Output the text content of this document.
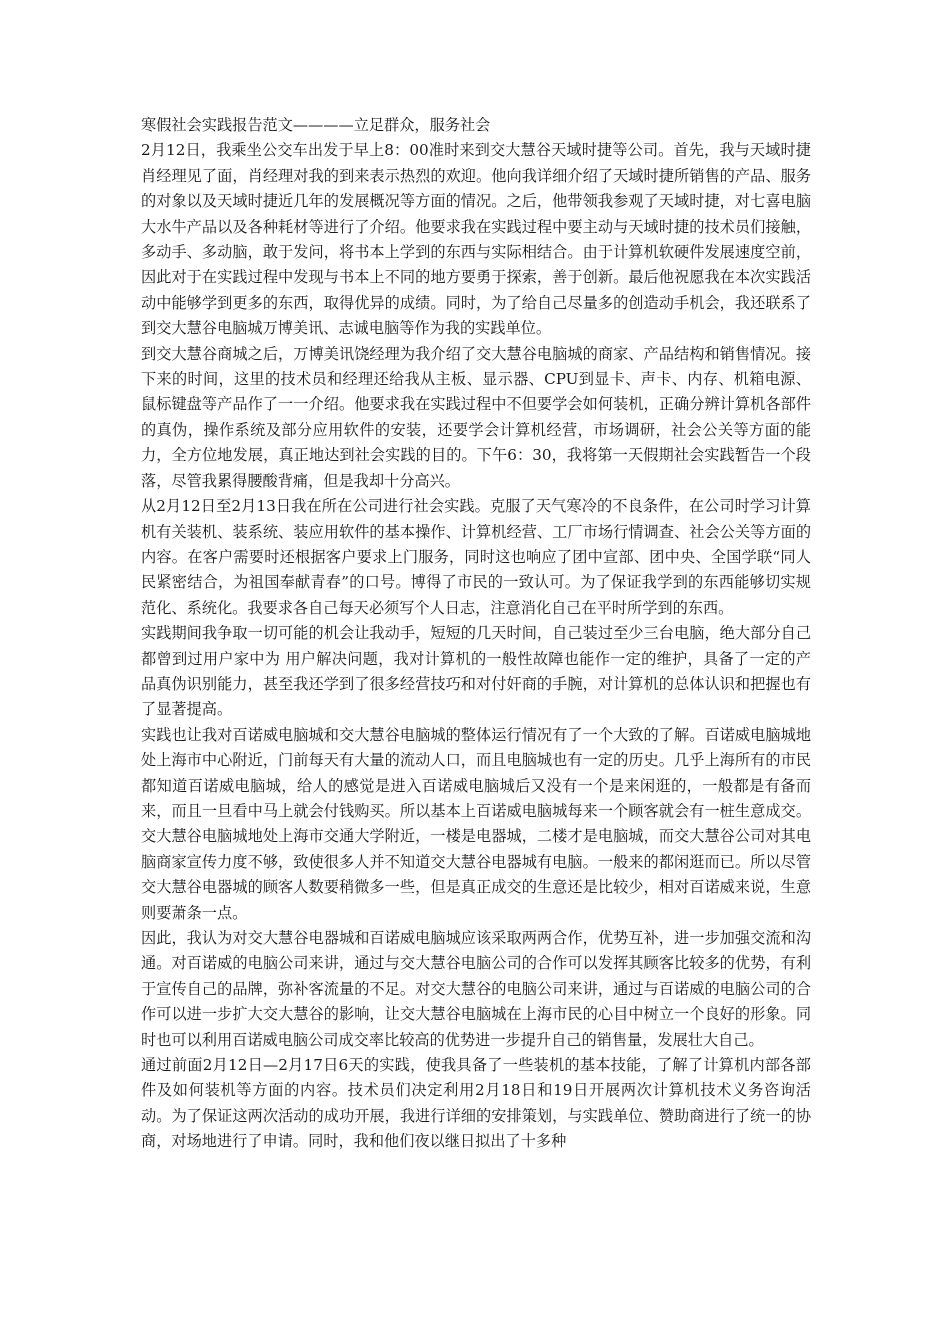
寒假社会实践报告范文————立足群众，服务社会

2月12日，我乘坐公交车出发于早上8：00准时来到交大慧谷天域时捷等公司。首先，我与天域时捷肖经理见了面，肖经理对我的到来表示热烈的欢迎。他向我详细介绍了天域时捷所销售的产品、服务的对象以及天域时捷近几年的发展概况等方面的情况。之后，他带领我参观了天域时捷，对七喜电脑大水牛产品以及各种耗材等进行了介绍。他要求我在实践过程中要主动与天域时捷的技术员们接触，多动手、多动脑，敢于发问，将书本上学到的东西与实际相结合。由于计算机软硬件发展速度空前，因此对于在实践过程中发现与书本上不同的地方要勇于探索，善于创新。最后他祝愿我在本次实践活动中能够学到更多的东西，取得优异的成绩。同时，为了给自己尽量多的创造动手机会，我还联系了到交大慧谷电脑城万博美讯、志诚电脑等作为我的实践单位。

到交大慧谷商城之后，万博美讯饶经理为我介绍了交大慧谷电脑城的商家、产品结构和销售情况。接下来的时间，这里的技术员和经理还给我从主板、显示器、CPU到显卡、声卡、内存、机箱电源、鼠标键盘等产品作了一一介绍。他要求我在实践过程中不但要学会如何装机，正确分辨计算机各部件的真伪，操作系统及部分应用软件的安装，还要学会计算机经营，市场调研，社会公关等方面的能力，全方位地发展，真正地达到社会实践的目的。下午6：30，我将第一天假期社会实践暂告一个段落，尽管我累得腰酸背痛，但是我却十分高兴。

从2月12日至2月13日我在所在公司进行社会实践。克服了天气寒冷的不良条件，在公司时学习计算机有关装机、装系统、装应用软件的基本操作、计算机经营、工厂市场行情调查、社会公关等方面的内容。在客户需要时还根据客户要求上门服务，同时这也响应了团中宣部、团中央、全国学联“同人民紧密结合，为祖国奉献青春”的口号。博得了市民的一致认可。为了保证我学到的东西能够切实规范化、系统化。我要求各自己每天必须写个人日志，注意消化自己在平时所学到的东西。

实践期间我争取一切可能的机会让我动手，短短的几天时间，自己装过至少三台电脑，绝大部分自己都曾到过用户家中为 用户解决问题，我对计算机的一般性故障也能作一定的维护，具备了一定的产品真伪识别能力，甚至我还学到了很多经营技巧和对付奸商的手腕，对计算机的总体认识和把握也有了显著提高。

实践也让我对百诺威电脑城和交大慧谷电脑城的整体运行情况有了一个大致的了解。百诺威电脑城地处上海市中心附近，门前每天有大量的流动人口，而且电脑城也有一定的历史。几乎上海所有的市民都知道百诺威电脑城，给人的感觉是进入百诺威电脑城后又没有一个是来闲逛的，一般都是有备而来，而且一旦看中马上就会付钱购买。所以基本上百诺威电脑城每来一个顾客就会有一桩生意成交。交大慧谷电脑城地处上海市交通大学附近，一楼是电器城，二楼才是电脑城，而交大慧谷公司对其电脑商家宣传力度不够，致使很多人并不知道交大慧谷电器城有电脑。一般来的都闲逛而已。所以尽管交大慧谷电器城的顾客人数要稍微多一些，但是真正成交的生意还是比较少，相对百诺威来说，生意则要萧条一点。

因此，我认为对交大慧谷电器城和百诺威电脑城应该采取两两合作，优势互补，进一步加强交流和沟通。对百诺威的电脑公司来讲，通过与交大慧谷电脑公司的合作可以发挥其顾客比较多的优势，有利于宣传自己的品牌，弥补客流量的不足。对交大慧谷的电脑公司来讲，通过与百诺威的电脑公司的合作可以进一步扩大交大慧谷的影响，让交大慧谷电脑城在上海市民的心目中树立一个良好的形象。同时也可以利用百诺威电脑公司成交率比较高的优势进一步提升自己的销售量，发展壮大自己。

通过前面2月12日—2月17日6天的实践，使我具备了一些装机的基本技能，了解了计算机内部各部件及如何装机等方面的内容。技术员们决定利用2月18日和19日开展两次计算机技术义务咨询活动。为了保证这两次活动的成功开展，我进行详细的安排策划，与实践单位、赞助商进行了统一的协商，对场地进行了申请。同时，我和他们夜以继日拟出了十多种
